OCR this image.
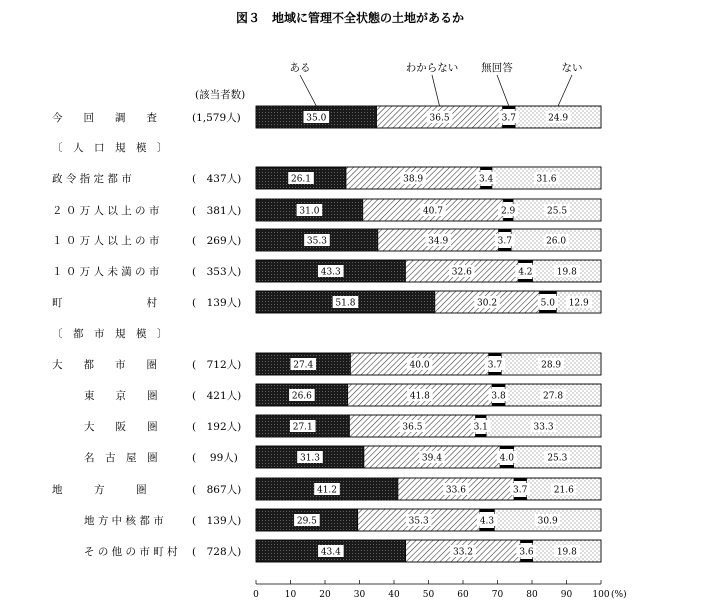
図３　地域に管理不全状態の土地があるか
(該当者数)
ある	わからない 無回答	ない
今　　回　　調　　査	(1,579人)	35.0	36.5	3.7	24.9
〔　人　口　規　模　〕
政 令 指 定 都 市	(　437人)	26.1	38.9	3.4	31.6
２ ０ 万 人 以 上 の 市	(　381人)	31.0	40.7	2.9	25.5
１ ０ 万 人 以 上 の 市	(　269人)	35.3	34.9	3.7	26.0
１ ０ 万 人 未 満 の 市	(　353人)	43.3	32.6	4.2	19.8
町　　　　　　　　村	(　139人)	51.8	30.2	5.0 12.9
〔　都　市　規　模　〕
大　　都　　市　　圏	(　712人)	27.4	40.0	3.7	28.9
東　　京　　圏	(　421人)	26.6	41.8	3.8	27.8
大　　阪　　圏	(　192人)	27.1	36.5	3.1	33.3
名　古　屋　圏	(　 99人)	31.3	39.4	4.0	25.3
地　　　方　　　圏	(　867人)	41.2	33.6	3.7	21.6
地 方 中 核 都 市	(　139人)	29.5	35.3	4.3	30.9
そ の 他 の 市 町 村 (　728人)	43.4	33.2	3.6	19.8
0	10	20	30	40	50	60	70	80	90 100 (%)
